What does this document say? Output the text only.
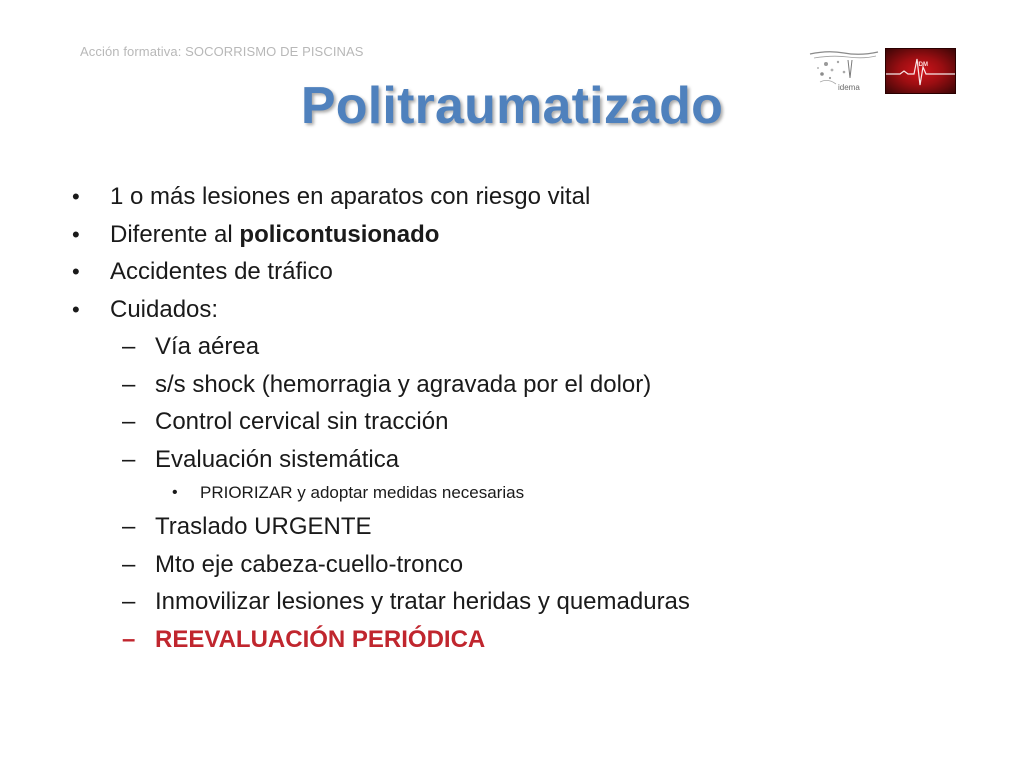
Acción formativa: SOCORRISMO DE PISCINAS
idema
IDM
Politraumatizado
• 1 o más lesiones en aparatos con riesgo vital
• Diferente al policontusionado
• Accidentes de tráfico
• Cuidados:
– Vía aérea
– s/s shock (hemorragia y agravada por el dolor)
– Control cervical sin tracción
– Evaluación sistemática
• PRIORIZAR y adoptar medidas necesarias
– Traslado URGENTE
– Mto eje cabeza-cuello-tronco
– Inmovilizar lesiones y tratar heridas y quemaduras
– REEVALUACIÓN PERIÓDICA
